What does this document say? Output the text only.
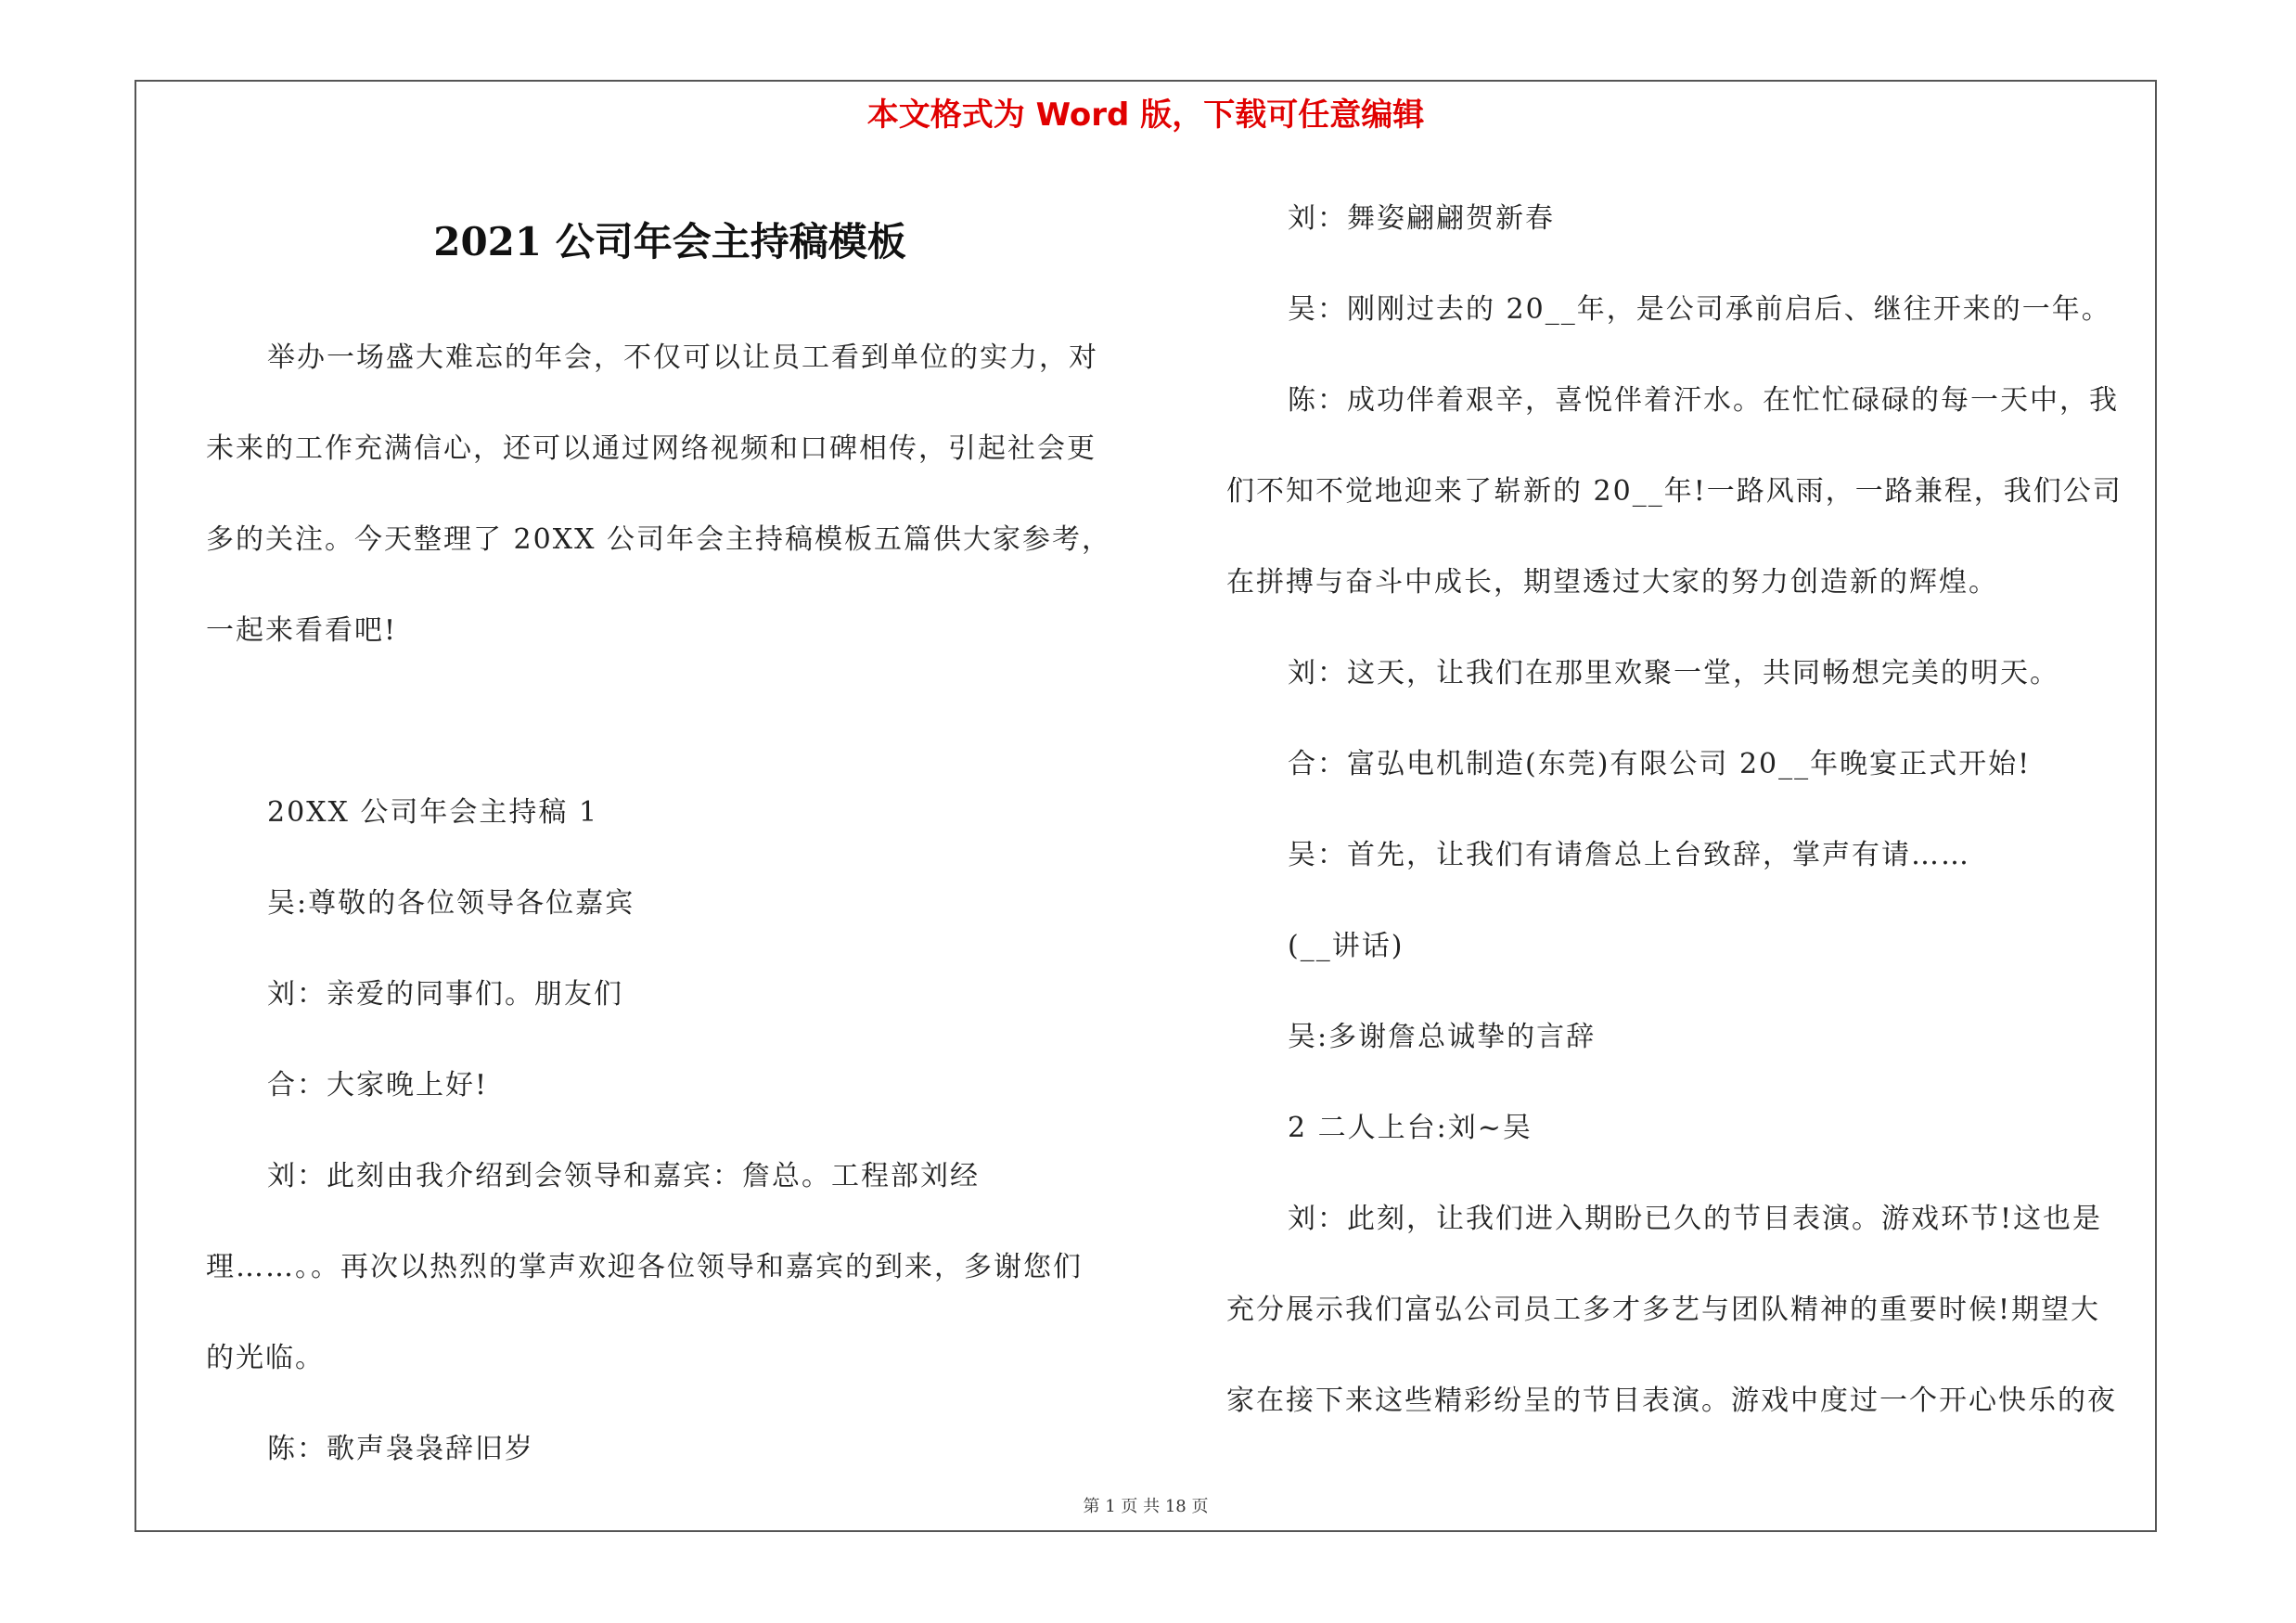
本文格式为 Word 版，下载可任意编辑
2021 公司年会主持稿模板
举办一场盛大难忘的年会，不仅可以让员工看到单位的实力，对
未来的工作充满信心，还可以通过网络视频和口碑相传，引起社会更
多的关注。今天整理了 20XX 公司年会主持稿模板五篇供大家参考，
一起来看看吧!
20XX 公司年会主持稿 1
吴:尊敬的各位领导各位嘉宾
刘：亲爱的同事们。朋友们
合：大家晚上好!
刘：此刻由我介绍到会领导和嘉宾：詹总。工程部刘经
理……。。再次以热烈的掌声欢迎各位领导和嘉宾的到来，多谢您们
的光临。
陈：歌声袅袅辞旧岁
刘：舞姿翩翩贺新春
吴：刚刚过去的 20__年，是公司承前启后、继往开来的一年。
陈：成功伴着艰辛，喜悦伴着汗水。在忙忙碌碌的每一天中，我
们不知不觉地迎来了崭新的 20__年!一路风雨，一路兼程，我们公司
在拼搏与奋斗中成长，期望透过大家的努力创造新的辉煌。
刘：这天，让我们在那里欢聚一堂，共同畅想完美的明天。
合：富弘电机制造(东莞)有限公司 20__年晚宴正式开始!
吴：首先，让我们有请詹总上台致辞，掌声有请……
(__讲话)
吴:多谢詹总诚挚的言辞
2 二人上台:刘~吴
刘：此刻，让我们进入期盼已久的节目表演。游戏环节!这也是
充分展示我们富弘公司员工多才多艺与团队精神的重要时候!期望大
家在接下来这些精彩纷呈的节目表演。游戏中度过一个开心快乐的夜
第 1 页 共 18 页
